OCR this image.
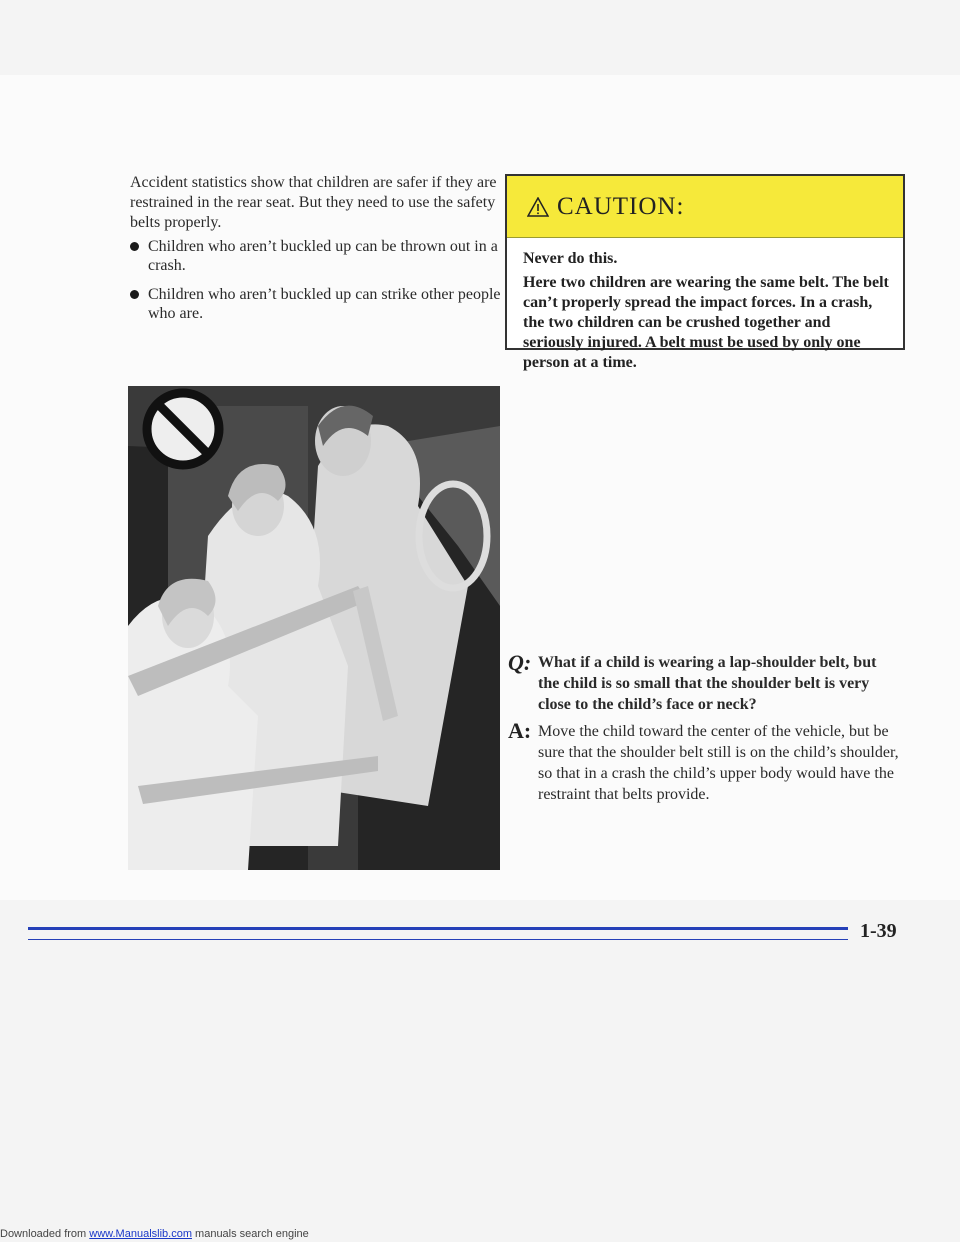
Accident statistics show that children are safer if they are restrained in the rear seat. But they need to use the safety belts properly.

Children who aren’t buckled up can be thrown out in a crash.
Children who aren’t buckled up can strike other people who are.
CAUTION:

Never do this.

Here two children are wearing the same belt. The belt can’t properly spread the impact forces. In a crash, the two children can be crushed together and seriously injured. A belt must be used by only one person at a time.

Q: What if a child is wearing a lap-shoulder belt, but the child is so small that the shoulder belt is very close to the child’s face or neck?

A: Move the child toward the center of the vehicle, but be sure that the shoulder belt still is on the child’s shoulder, so that in a crash the child’s upper body would have the restraint that belts provide.

1-39
Downloaded from www.Manualslib.com manuals search engine
